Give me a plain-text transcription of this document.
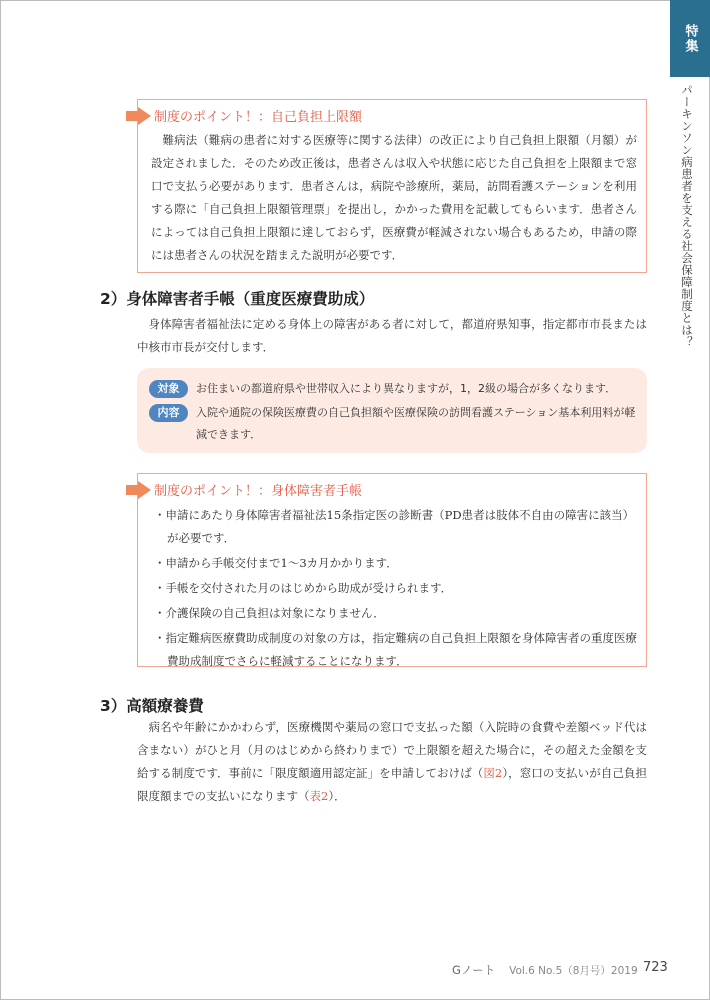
特集
パーキンソン病患者を支える社会保障制度とは？
制度のポイント！：自己負担上限額

難病法（難病の患者に対する医療等に関する法律）の改正により自己負担上限額（月額）が設定されました．そのため改正後は，患者さんは収入や状態に応じた自己負担を上限額まで窓口で支払う必要があります．患者さんは，病院や診療所，薬局，訪問看護ステーションを利用する際に「自己負担上限額管理票」を提出し，かかった費用を記載してもらいます．患者さんによっては自己負担上限額に達しておらず，医療費が軽減されない場合もあるため，申請の際には患者さんの状況を踏まえた説明が必要です．

2）身体障害者手帳（重度医療費助成）

身体障害者福祉法に定める身体上の障害がある者に対して，都道府県知事，指定都市市長または中核市市長が交付します．

対象	お住まいの都道府県や世帯収入により異なりますが，1，2級の場合が多くなります．
内容	入院や通院の保険医療費の自己負担額や医療保険の訪問看護ステーション基本利用料が軽減できます．
制度のポイント！：身体障害者手帳
・申請にあたり身体障害者福祉法15条指定医の診断書（PD患者は肢体不自由の障害に該当）が必要です．
・申請から手帳交付まで1〜3カ月かかります．
・手帳を交付された月のはじめから助成が受けられます．
・介護保険の自己負担は対象になりません．
・指定難病医療費助成制度の対象の方は，指定難病の自己負担上限額を身体障害者の重度医療費助成制度でさらに軽減することになります．
3）高額療養費

病名や年齢にかかわらず，医療機関や薬局の窓口で支払った額（入院時の食費や差額ベッド代は含まない）がひと月（月のはじめから終わりまで）で上限額を超えた場合に，その超えた金額を支給する制度です．事前に「限度額適用認定証」を申請しておけば（図2），窓口の支払いが自己負担限度額までの支払いになります（表2）．

Gノート Vol.6 No.5（8月号）2019 723
